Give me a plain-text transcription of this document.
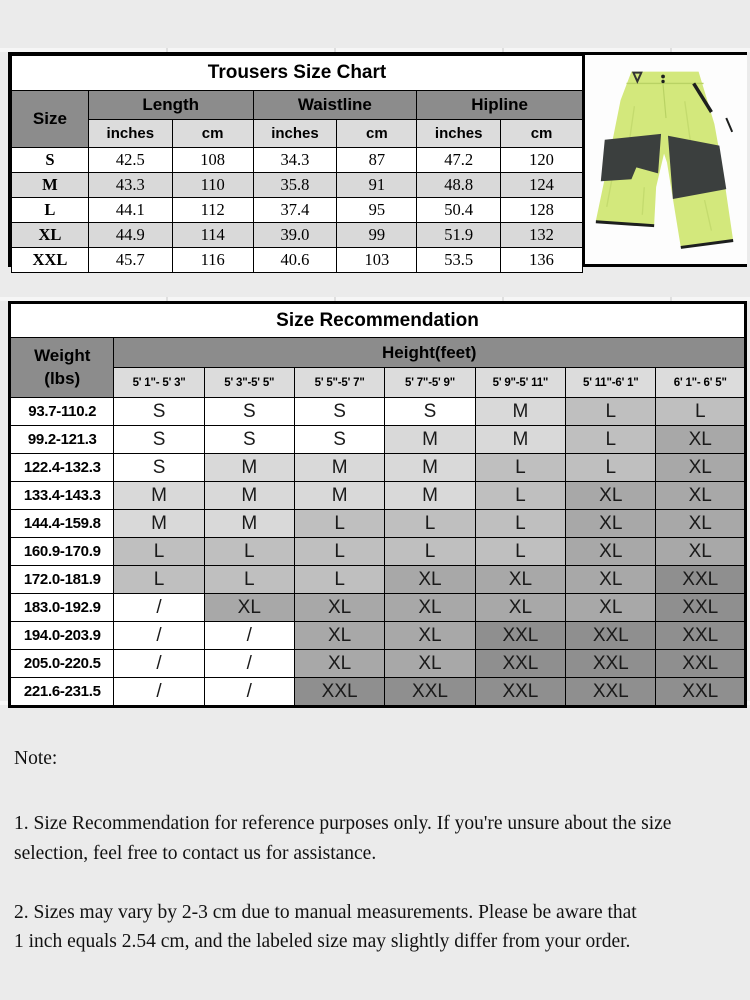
Trousers Size Chart						
Size	Length		Waistline		Hipline	
	inches	cm	inches	cm	inches	cm
S	42.5	108	34.3	87	47.2	120
M	43.3	110	35.8	91	48.8	124
L	44.1	112	37.4	95	50.4	128
XL	44.9	114	39.0	99	51.9	132
XXL	45.7	116	40.6	103	53.5	136
Size Recommendation							
Weight
(lbs)	Height(feet)						
	5' 1"- 5' 3"	5' 3"-5' 5"	5' 5"-5' 7"	5' 7"-5' 9"	5' 9"-5' 11"	5' 11"-6' 1"	6' 1"- 6' 5"
93.7-110.2	S	S	S	S	M	L	L
99.2-121.3	S	S	S	M	M	L	XL
122.4-132.3	S	M	M	M	L	L	XL
133.4-143.3	M	M	M	M	L	XL	XL
144.4-159.8	M	M	L	L	L	XL	XL
160.9-170.9	L	L	L	L	L	XL	XL
172.0-181.9	L	L	L	XL	XL	XL	XXL
183.0-192.9	/	XL	XL	XL	XL	XL	XXL
194.0-203.9	/	/	XL	XL	XXL	XXL	XXL
205.0-220.5	/	/	XL	XL	XXL	XXL	XXL
221.6-231.5	/	/	XXL	XXL	XXL	XXL	XXL

Note:

1. Size Recommendation for reference purposes only. If you're unsure about the size
selection, feel free to contact us for assistance.

2. Sizes may vary by 2-3 cm due to manual measurements. Please be aware that
1 inch equals 2.54 cm, and the labeled size may slightly differ from your order.
